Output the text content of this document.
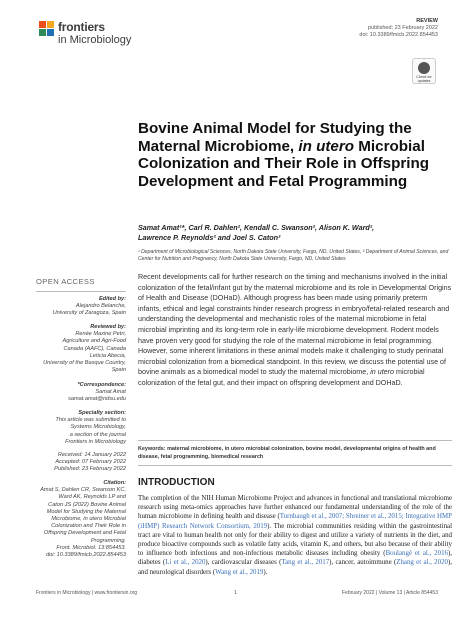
frontiers
in Microbiology
REVIEW
published: 23 February 2022
doi: 10.3389/fmicb.2022.854453
Check for updates
Bovine Animal Model for Studying the Maternal Microbiome, in utero Microbial Colonization and Their Role in Offspring Development and Fetal Programming
Samat Amat¹*, Carl R. Dahlen², Kendall C. Swanson², Alison K. Ward²,
Lawrence P. Reynolds² and Joel S. Caton²
¹ Department of Microbiological Sciences, North Dakota State University, Fargo, ND, United States, ² Department of Animal Sciences, and Center for Nutrition and Pregnancy, North Dakota State University, Fargo, ND, United States
OPEN ACCESS
Edited by:
Alejandro Belanche,
University of Zaragoza, Spain
Reviewed by:
Renée Maxine Petri,
Agriculture and Agri-Food
Canada (AAFC), Canada
Leticia Abecia,
University of the Basque Country,
Spain
*Correspondence:
Samat Amat
samat.amat@ndsu.edu
Specialty section:
This article was submitted to
Systems Microbiology,
a section of the journal
Frontiers in Microbiology
Received: 14 January 2022
Accepted: 07 February 2022
Published: 23 February 2022
Citation:
Amat S, Dahlen CR, Swanson KC,
Ward AK, Reynolds LP and
Caton JS (2022) Bovine Animal
Model for Studying the Maternal
Microbiome, in utero Microbial
Colonization and Their Role in
Offspring Development and Fetal
Programming.
Front. Microbiol. 13:854453.
doi: 10.3389/fmicb.2022.854453
Recent developments call for further research on the timing and mechanisms involved in the initial colonization of the fetal/infant gut by the maternal microbiome and its role in Developmental Origins of Health and Disease (DOHaD). Although progress has been made using primarily preterm infants, ethical and legal constraints hinder research progress in embryo/fetal-related research and understanding the developmental and mechanistic roles of the maternal microbiome in fetal microbial imprinting and its long-term role in early-life microbiome development. Rodent models have proven very good for studying the role of the maternal microbiome in fetal programming. However, some inherent limitations in these animal models make it challenging to study perinatal microbial colonization from a biomedical standpoint. In this review, we discuss the potential use of bovine animals as a biomedical model to study the maternal microbiome, in utero microbial colonization of the fetal gut, and their impact on offspring development and DOHaD.
Keywords: maternal microbiome, in utero microbial colonization, bovine model, developmental origins of health and disease, fetal programming, biomedical research
INTRODUCTION
The completion of the NIH Human Microbiome Project and advances in functional and translational microbiome research using meta-omics approaches have further enhanced our fundamental understanding of the role of the human microbiome in defining health and disease (Turnbaugh et al., 2007; Shreiner et al., 2015; Integrative HMP (iHMP) Research Network Consortium, 2019). The microbial communities residing within the gastrointestinal tract are vital to human health not only for their ability to digest and utilize a variety of nutrients in the diet, and produce bioactive compounds such as volatile fatty acids, vitamin K, and others, but also because of their ability to influence both infectious and non-infectious metabolic diseases including obesity (Boulangé et al., 2016), diabetes (Li et al., 2020), cardiovascular diseases (Tang et al., 2017), cancer, autoimmune (Zhang et al., 2020), and neurological disorders (Wang et al., 2019).
Frontiers in Microbiology | www.frontiersin.org	1	February 2022 | Volume 13 | Article 854453
